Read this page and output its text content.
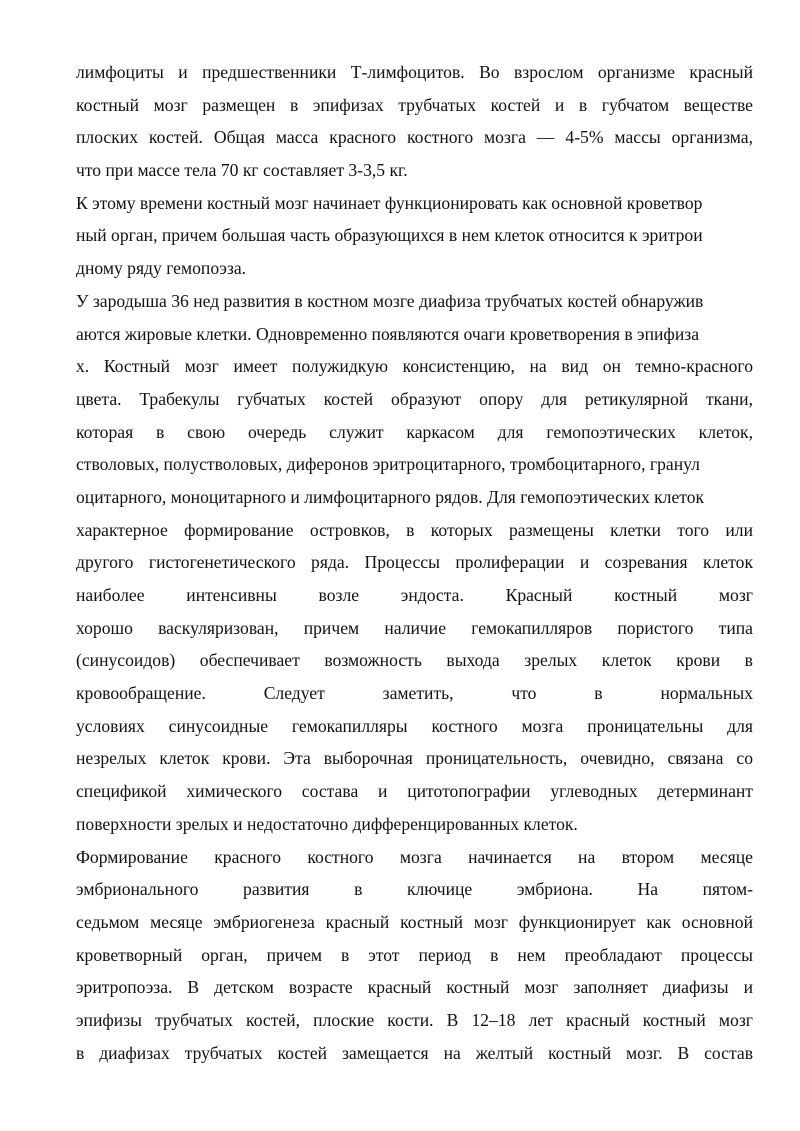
лимфоциты и предшественники Т-лимфоцитов. Во взрослом организме красный
костный мозг размещен в эпифизах трубчатых костей и в губчатом веществе
плоских костей. Общая масса красного костного мозга — 4-5% массы организма,
что при массе тела 70 кг составляет 3-3,5 кг.
К этому времени костный мозг начинает функционировать как основной кроветвор
ный орган, причем большая часть образующихся в нем клеток относится к эритрои
дному ряду гемопоэза.
У зародыша 36 нед развития в костном мозге диафиза трубчатых костей обнаружив
аются жировые клетки. Одновременно появляются очаги кроветворения в эпифиза
х. Костный мозг имеет полужидкую консистенцию, на вид он темно-красного
цвета. Трабекулы губчатых костей образуют опору для ретикулярной ткани,
которая в свою очередь служит каркасом для гемопоэтических клеток,
стволовых, полустволовых, диферонов эритроцитарного, тромбоцитарного, гранул
оцитарного, моноцитарного и лимфоцитарного рядов. Для гемопоэтических клеток
характерное формирование островков, в которых размещены клетки того или
другого гистогенетического ряда. Процессы пролиферации и созревания клеток
наиболее интенсивны возле эндоста. Красный костный мозг
хорошо васкуляризован, причем наличие гемокапилляров пористого типа
(синусоидов) обеспечивает возможность выхода зрелых клеток крови в
кровообращение. Следует заметить, что в нормальных
условиях синусоидные гемокапилляры костного мозга проницательны для
незрелых клеток крови. Эта выборочная проницательность, очевидно, связана со
спецификой химического состава и цитотопографии углеводных детерминант
поверхности зрелых и недостаточно дифференцированных клеток.
Формирование красного костного мозга начинается на втором месяце
эмбрионального развития в ключице эмбриона. На пятом-
седьмом месяце эмбриогенеза красный костный мозг функционирует как основной
кроветворный орган, причем в этот период в нем преобладают процессы
эритропоэза. В детском возрасте красный костный мозг заполняет диафизы и
эпифизы трубчатых костей, плоские кости. В 12–18 лет красный костный мозг
в диафизах трубчатых костей замещается на желтый костный мозг. В состав
